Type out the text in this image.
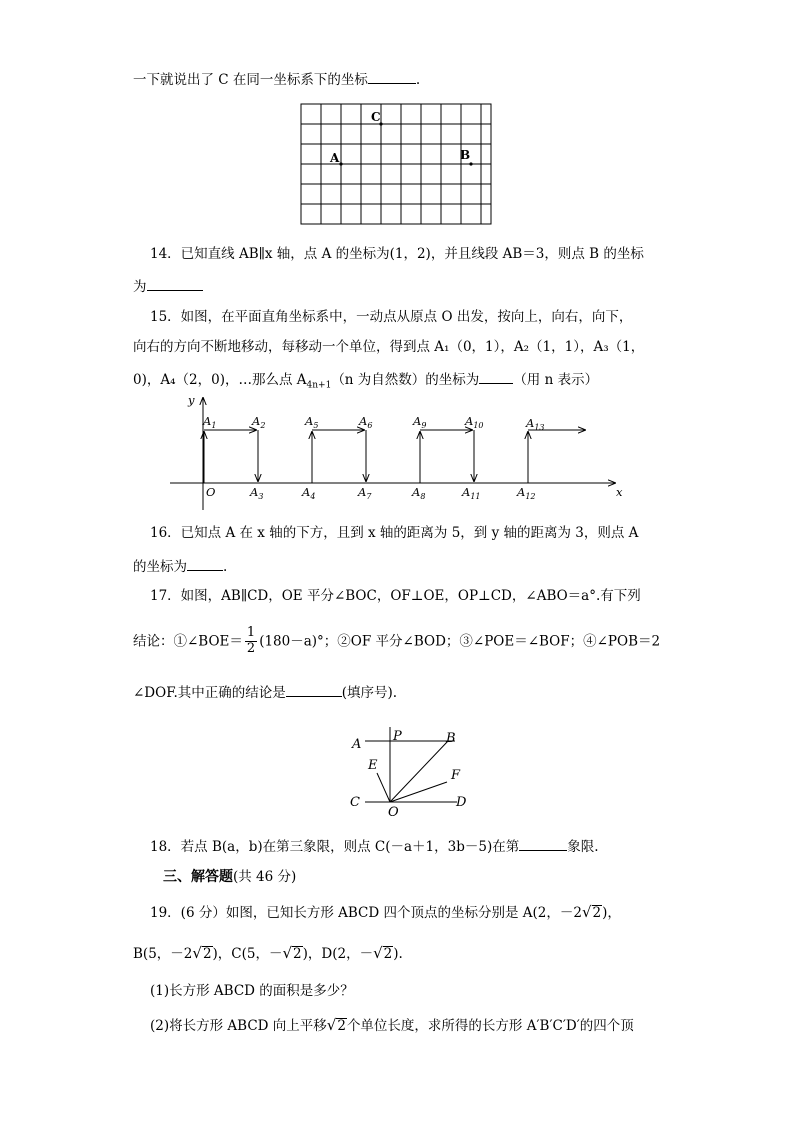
一下就说出了 C 在同一坐标系下的坐标	.
C
A	B
14．已知直线 AB∥x 轴，点 A 的坐标为(1，2)，并且线段 AB＝3，则点 B 的坐标
为
15．如图，在平面直角坐标系中，一动点从原点 O 出发，按向上，向右，向下，
向右的方向不断地移动，每移动一个单位，得到点 A₁（0，1），A₂（1，1），A₃（1，
0)，A₄（2，0)，…那么点 $A_{4n+1}(n$ 为自然数）的坐标为	（用 n 表示）
x
y
O
$A_1$	$A_2$	$A_5$	$A_6$	$A_9$	$A_{10}$	$A_{13}$
$A_3$	$A_4$	$A_7$	$A_8$	$A_{11}$	$A_{12}$
16．已知点 A 在 x 轴的下方，且到 x 轴的距离为 5，到 y 轴的距离为 3，则点 A
的坐标为	.
17．如图，AB∥CD，OE 平分∠BOC，OF⊥OE，OP⊥CD，∠ABO＝a°.有下列
结论：①∠BOE＝ $\frac{1}{2} (180-a)^\circ$；②OF 平分∠BOD；③∠POE＝∠BOF；④∠POB＝2
∠DOF.其中正确的结论是	(填序号).
A
P	B
E
F
C
O
D
18．若点 B(a，b)在第三象限，则点 C(－a＋1，3b－5)在第	象限.
三、解答题(共 46 分)
19．(6 分）如图，已知长方形 ABCD 四个顶点的坐标分别是 A(2，－2√2)，
B(5，－2√2)，C(5，－√2)，D(2，－√2).
(1)长方形 ABCD 的面积是多少？
(2)将长方形 ABCD 向上平移√2个单位长度，求所得的长方形 A′B′C′D′的四个顶
